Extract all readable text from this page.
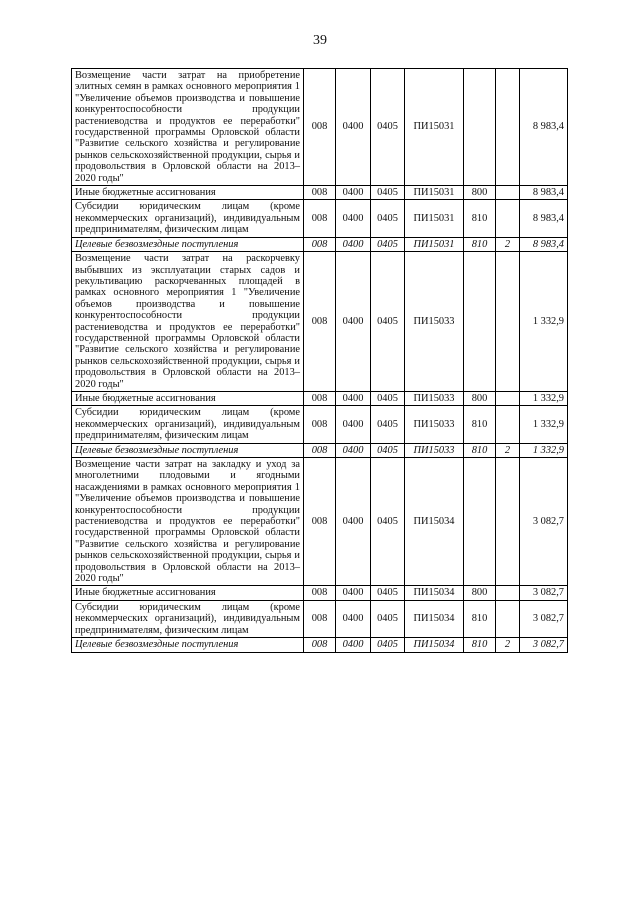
39
Возмещение части затрат на приобретение элитных семян в рамках основного мероприятия 1 "Увеличение объемов производства и повышение конкурентоспособности продукции растениеводства и продуктов ее переработки" государственной программы Орловской области "Развитие сельского хозяйства и регулирование рынков сельскохозяйственной продукции, сырья и продовольствия в Орловской области на 2013–2020 годы"	008	0400	0405	ПИ15031			8 983,4
Иные бюджетные ассигнования	008	0400	0405	ПИ15031	800		8 983,4
Субсидии юридическим лицам (кроме некоммерческих организаций), индивидуальным предпринимателям, физическим лицам	008	0400	0405	ПИ15031	810		8 983,4
Целевые безвозмездные поступления	008	0400	0405	ПИ15031	810	2	8 983,4
Возмещение части затрат на раскорчевку выбывших из эксплуатации старых садов и рекультивацию раскорчеванных площадей в рамках основного мероприятия 1 "Увеличение объемов производства и повышение конкурентоспособности продукции растениеводства и продуктов ее переработки" государственной программы Орловской области "Развитие сельского хозяйства и регулирование рынков сельскохозяйственной продукции, сырья и продовольствия в Орловской области на 2013–2020 годы"	008	0400	0405	ПИ15033			1 332,9
Иные бюджетные ассигнования	008	0400	0405	ПИ15033	800		1 332,9
Субсидии юридическим лицам (кроме некоммерческих организаций), индивидуальным предпринимателям, физическим лицам	008	0400	0405	ПИ15033	810		1 332,9
Целевые безвозмездные поступления	008	0400	0405	ПИ15033	810	2	1 332,9
Возмещение части затрат на закладку и уход за многолетними плодовыми и ягодными насаждениями в рамках основного мероприятия 1 "Увеличение объемов производства и повышение конкурентоспособности продукции растениеводства и продуктов ее переработки" государственной программы Орловской области "Развитие сельского хозяйства и регулирование рынков сельскохозяйственной продукции, сырья и продовольствия в Орловской области на 2013–2020 годы"	008	0400	0405	ПИ15034			3 082,7
Иные бюджетные ассигнования	008	0400	0405	ПИ15034	800		3 082,7
Субсидии юридическим лицам (кроме некоммерческих организаций), индивидуальным предпринимателям, физическим лицам	008	0400	0405	ПИ15034	810		3 082,7
Целевые безвозмездные поступления	008	0400	0405	ПИ15034	810	2	3 082,7
